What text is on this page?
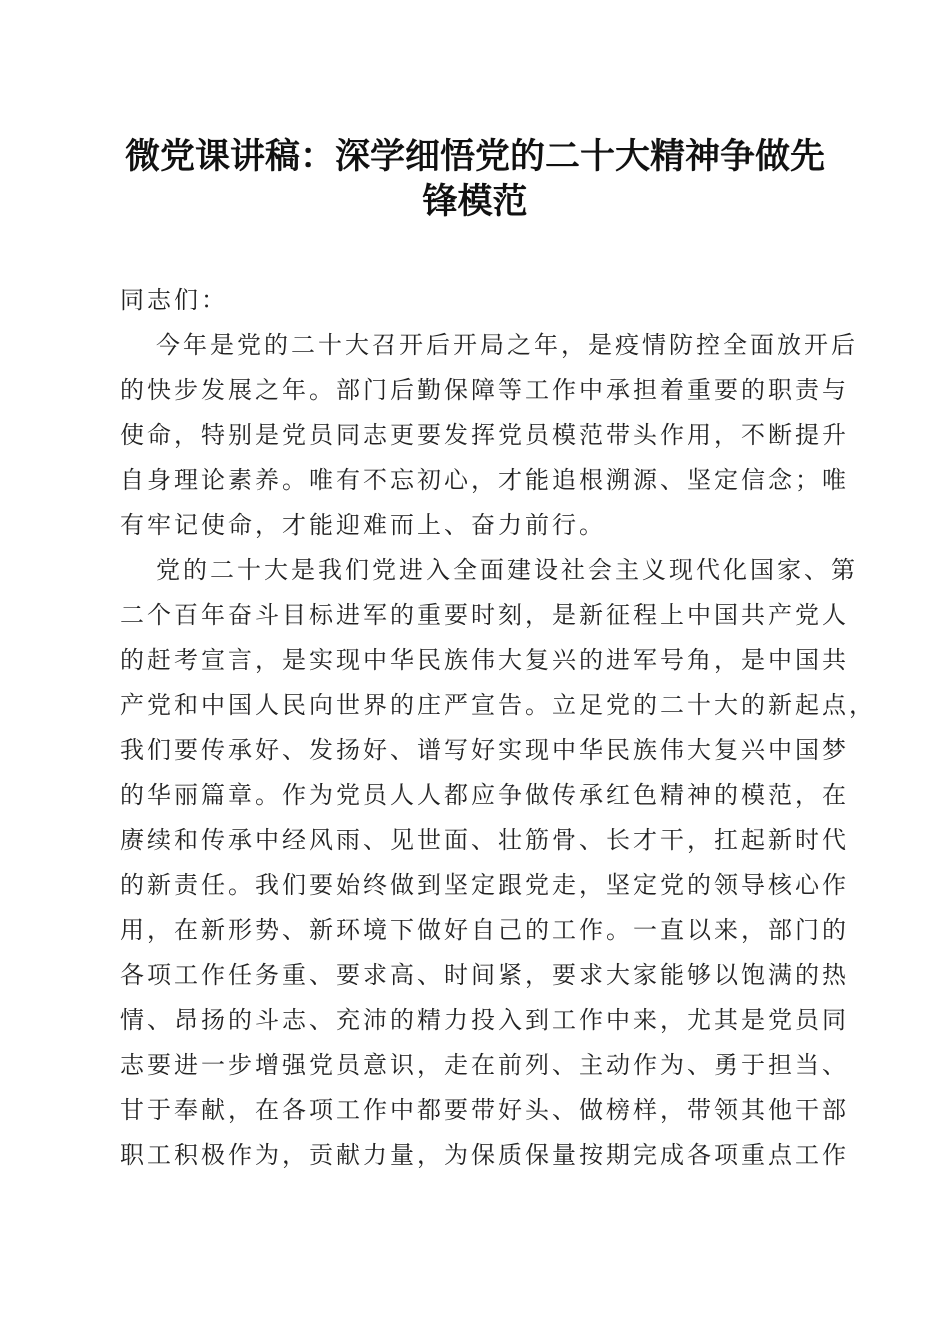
微党课讲稿：深学细悟党的二十大精神争做先
锋模范
同志们：
今年是党的二十大召开后开局之年，是疫情防控全面放开后
的快步发展之年。部门后勤保障等工作中承担着重要的职责与
使命，特别是党员同志更要发挥党员模范带头作用，不断提升
自身理论素养。唯有不忘初心，才能追根溯源、坚定信念；唯
有牢记使命，才能迎难而上、奋力前行。
党的二十大是我们党进入全面建设社会主义现代化国家、第
二个百年奋斗目标进军的重要时刻，是新征程上中国共产党人
的赶考宣言，是实现中华民族伟大复兴的进军号角，是中国共
产党和中国人民向世界的庄严宣告。立足党的二十大的新起点，
我们要传承好、发扬好、谱写好实现中华民族伟大复兴中国梦
的华丽篇章。作为党员人人都应争做传承红色精神的模范，在
赓续和传承中经风雨、见世面、壮筋骨、长才干，扛起新时代
的新责任。我们要始终做到坚定跟党走，坚定党的领导核心作
用，在新形势、新环境下做好自己的工作。一直以来，部门的
各项工作任务重、要求高、时间紧，要求大家能够以饱满的热
情、昂扬的斗志、充沛的精力投入到工作中来，尤其是党员同
志要进一步增强党员意识，走在前列、主动作为、勇于担当、
甘于奉献，在各项工作中都要带好头、做榜样，带领其他干部
职工积极作为，贡献力量，为保质保量按期完成各项重点工作
